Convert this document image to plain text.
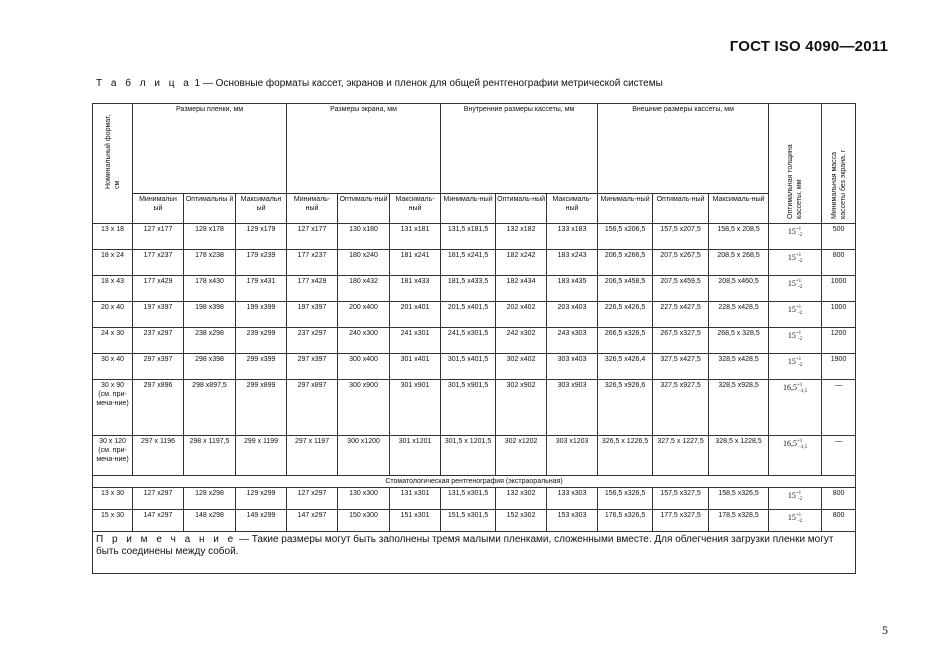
ГОСТ ISO 4090—2011
Т а б л и ц а 1 — Основные форматы кассет, экранов и пленок для общей рентгенографии метрической системы
Номинальный формат, см	Размеры пленки, мм			Размеры экрана, мм			Внутренние размеры кассеты, мм			Внешние размеры кассеты, мм			Оптимальная толщина кассеты, мм	Минимальная масса кассеты без экрана, г
	Минимальн ый	Оптимальны й	Максимальн ый	Минималь-ный	Оптималь-ный	Максималь-ный	Минималь-ный	Оптималь-ный	Максималь-ный	Минималь-ный	Оптималь-ный	Максималь-ный		
13 x 18	127 x177	128 x178	129 x179	127 x177	130 x180	131 x181	131,5 x181,5	132 x182	133 x183	156,5 x206,5	157,5 x207,5	158,5 x 208,5	$15^{+1}_{-2}$	500
18 x 24	177 x237	178 x238	179 x239	177 x237	180 x240	181 x241	181,5 x241,5	182 x242	183 x243	206,5 x266,5	207,5 x267,5	208,5 x 268,5	$15^{+1}_{-2}$	800
18 x 43	177 x429	178 x430	179 x431	177 x429	180 x432	181 x433	181,5 x433,5	182 x434	183 x435	206,5 x458,5	207,5 x459,5	208,5 x460,5	$15^{+1}_{-2}$	1000
20 x 40	197 x397	198 x398	199 x399	197 x397	200 x400	201 x401	201,5 x401,5	202 x402	203 x403	226,5 x426,5	227,5 x427,5	228,5 x428,5	$15^{+1}_{-2}$	1000
24 x 30	237 x297	238 x298	239 x299	237 x297	240 x300	241 x301	241,5 x301,5	242 x302	243 x303	266,5 x326,5	267,5 x327,5	268,5 x 328,5	$15^{+1}_{-2}$	1200
30 x 40	297 x397	298 x398	299 x399	297 x397	300 x400	301 x401	301,5 x401,5	302 x402	303 x403	326,5 x426,4	327,5 x427,5	328,5 x428,5	$15^{+1}_{-2}$	1900
30 x 90 (см. при-меча-ние)	297 x896	298 x897,5	299 x899	297 x897	300 x900	301 x901	301,5 x901,5	302 x902	303 x903	326,5 x926,6	327,5 x927,5	328,5 x928,5	$16,5^{+1}_{-1,5}$	—
30 x 120 (см. при-меча-ние)	297 x 1196	298 x 1197,5	299 x 1199	297 x 1197	300 x1200	301 x1201	301,5 x 1201,5	302 x1202	303 x1203	326,5 x 1226,5	327,5 x 1227,5	328,5 x 1228,5	$16,5^{+1}_{-1,5}$	—
Стоматологическая рентгенография (экстраоральная)														
13 x 30	127 x297	128 x298	129 x299	127 x297	130 x300	131 x301	131,5 x301,5	132 x302	133 x303	156,5 x326,5	157,5 x327,5	158,5 x326,5	$15^{+1}_{-2}$	800
15 x 30	147 x297	148 x298	149 x299	147 x297	150 x300	151 x301	151,5 x301,5	152 x302	153 x303	176,5 x326,5	177,5 x327,5	178,5 x328,5	$15^{+1}_{-2}$	800
П р и м е ч а н и е — Такие размеры могут быть заполнены тремя малыми пленками, сложенными вместе. Для облегчения загрузки пленки могут быть соединены между собой.														
5
